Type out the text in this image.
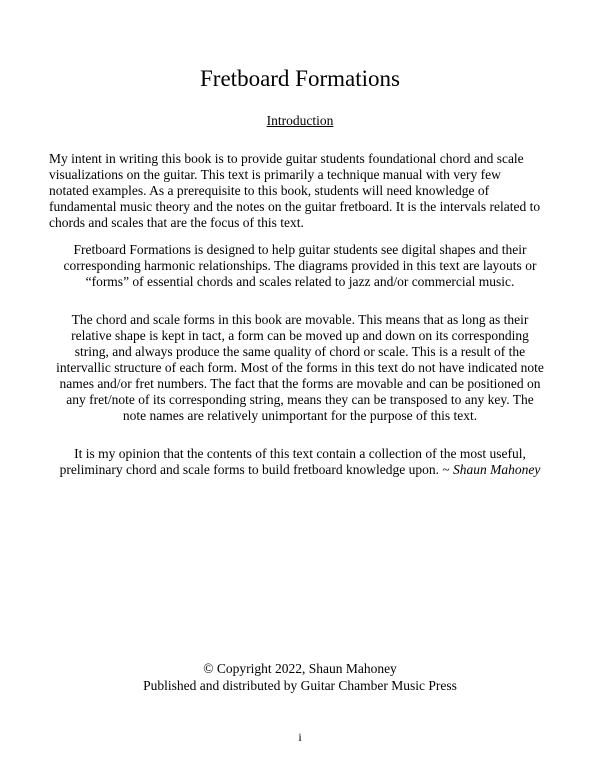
Fretboard Formations
Introduction
My intent in writing this book is to provide guitar students foundational chord and scale
visualizations on the guitar. This text is primarily a technique manual with very few
notated examples. As a prerequisite to this book, students will need knowledge of
fundamental music theory and the notes on the guitar fretboard. It is the intervals related to
chords and scales that are the focus of this text.
Fretboard Formations is designed to help guitar students see digital shapes and their
corresponding harmonic relationships. The diagrams provided in this text are layouts or
“forms” of essential chords and scales related to jazz and/or commercial music.
The chord and scale forms in this book are movable. This means that as long as their
relative shape is kept in tact, a form can be moved up and down on its corresponding
string, and always produce the same quality of chord or scale. This is a result of the
intervallic structure of each form. Most of the forms in this text do not have indicated note
names and/or fret numbers. The fact that the forms are movable and can be positioned on
any fret/note of its corresponding string, means they can be transposed to any key. The
note names are relatively unimportant for the purpose of this text.
It is my opinion that the contents of this text contain a collection of the most useful,
preliminary chord and scale forms to build fretboard knowledge upon. ~ Shaun Mahoney
© Copyright 2022, Shaun Mahoney
Published and distributed by Guitar Chamber Music Press
i
